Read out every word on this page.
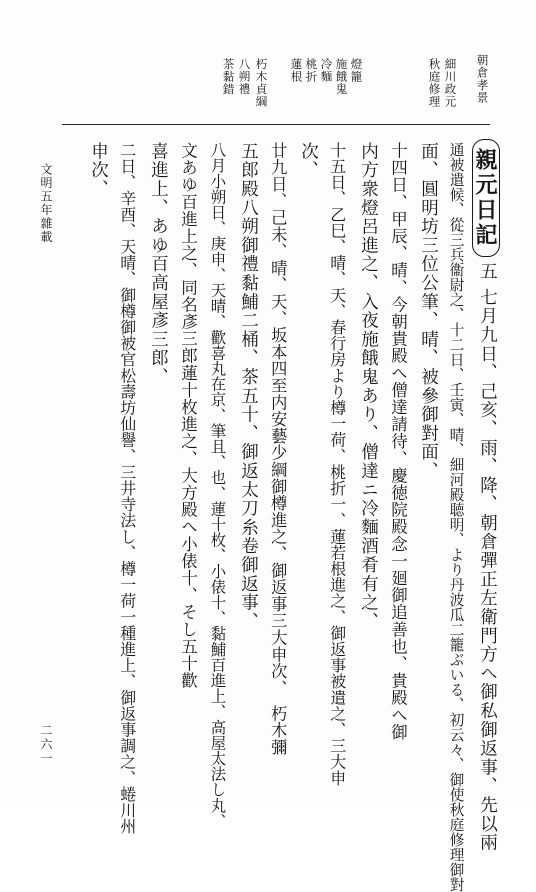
朝倉孝景
細川政元
秋庭修理
燈籠
施餓鬼
冷麵
桃折
蓮根
朽木貞綱
八朔禮
茶黏錯
親元日記
五
七月九日、己亥、雨、降、朝倉彈正左衛門方へ御私御返事、先以兩
通被遣候、從三兵衞尉之、十二日、壬寅、晴、細河殿聴明、より丹波瓜二籠ぶいる、初云々、御使秋庭修理御對
面、圓明坊三位公筆、晴、被參御對面、
十四日、甲辰、晴、今朝貴殿へ僧達請待、慶徳院殿念一廻御追善也、貴殿へ御
内方衆燈呂進之、入夜施餓鬼あり、僧達ニ冷麵酒肴有之、
十五日、乙巳、晴、天、春行房より樽一荷、桃折一、蓮若根進之、御返事被遣之、三大申
次、
廿九日、己未、晴、天、坂本四至内安藝少綱御樽進之、御返事三大申次、　朽木彌
五郎殿八朔御禮黏鯆二桶、茶五十、御返太刀糸卷御返事、
八月小朔日、庚申、天晴、歡喜丸在京、筆且、也、蓮十枚、小俵十、黏鯆百進上、高屋太法し丸、
文あゆ百進上之、同名彥三郎蓮十枚進之、大方殿へ小俵十、そし五十歡
喜進上、あゆ百高屋彥三郎、
二日、辛酉、天晴、御樽御被官松壽坊仙譽、三井寺法し、樽一荷一種進上、御返事調之、蜷川州
申次、
文明五年雜載
二六一
